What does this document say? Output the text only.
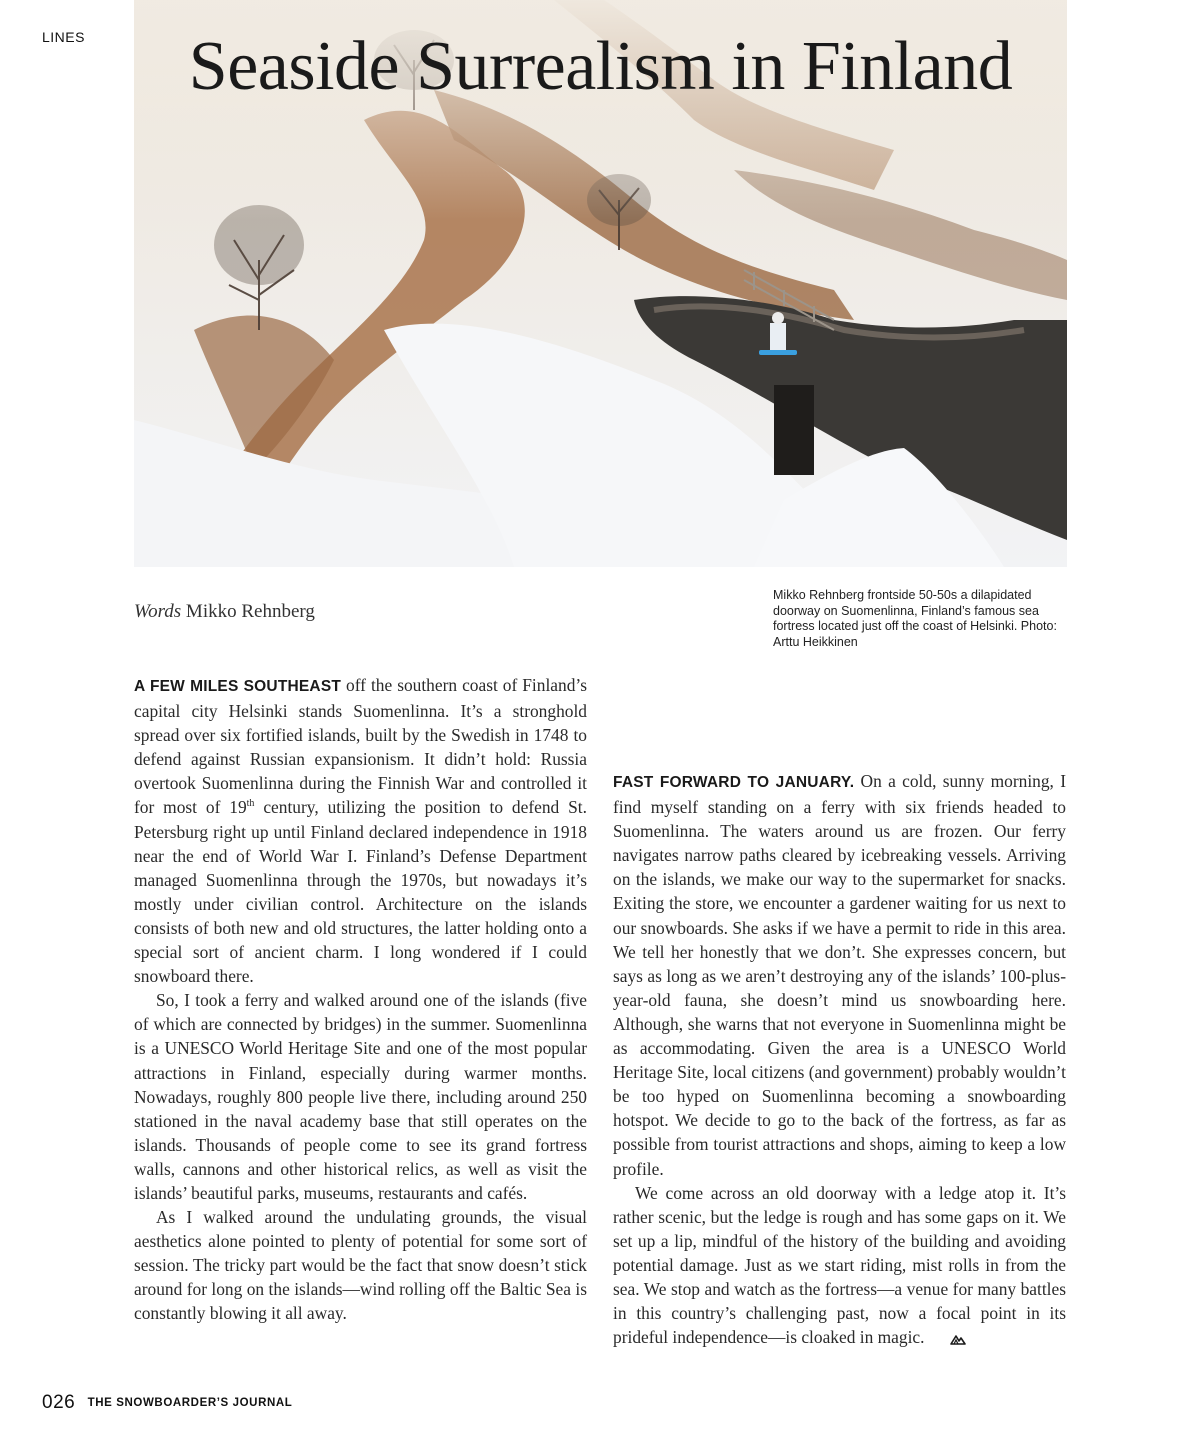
LINES	Seaside Surrealism in Finland
Words Mikko Rehnberg
Mikko Rehnberg frontside 50-50s a dilapidated doorway on Suomenlinna, Finland’s famous sea fortress located just off the coast of Helsinki. Photo: Arttu Heikkinen

A FEW MILES SOUTHEAST off the southern coast of Finland’s capital city Helsinki stands Suomenlinna. It’s a stronghold spread over six fortified islands, built by the Swedish in 1748 to defend against Russian expansionism. It didn’t hold: Russia overtook Suomenlinna during the Finnish War and controlled it for most of 19th century, utilizing the position to defend St. Petersburg right up until Finland declared independence in 1918 near the end of World War I. Finland’s Defense Department managed Suomenlinna through the 1970s, but nowadays it’s mostly under civilian control. Architecture on the islands consists of both new and old structures, the latter holding onto a special sort of ancient charm. I long wondered if I could snowboard there.

So, I took a ferry and walked around one of the islands (five of which are connected by bridges) in the summer. Suomenlinna is a UNESCO World Heritage Site and one of the most popular attractions in Finland, especially during warmer months. Nowadays, roughly 800 people live there, including around 250 stationed in the naval academy base that still operates on the islands. Thousands of people come to see its grand fortress walls, cannons and other historical relics, as well as visit the islands’ beautiful parks, museums, restaurants and cafés.

As I walked around the undulating grounds, the visual aesthetics alone pointed to plenty of potential for some sort of session. The tricky part would be the fact that snow doesn’t stick around for long on the islands—wind rolling off the Baltic Sea is constantly blowing it all away.

FAST FORWARD TO JANUARY. On a cold, sunny morning, I find myself standing on a ferry with six friends headed to Suomenlinna. The waters around us are frozen. Our ferry navigates narrow paths cleared by icebreaking vessels. Arriving on the islands, we make our way to the supermarket for snacks. Exiting the store, we encounter a gardener waiting for us next to our snowboards. She asks if we have a permit to ride in this area. We tell her honestly that we don’t. She expresses concern, but says as long as we aren’t destroying any of the islands’ 100-plus-year-old fauna, she doesn’t mind us snowboarding here. Although, she warns that not everyone in Suomenlinna might be as accommodating. Given the area is a UNESCO World Heritage Site, local citizens (and government) probably wouldn’t be too hyped on Suomenlinna becoming a snowboarding hotspot. We decide to go to the back of the fortress, as far as possible from tourist attractions and shops, aiming to keep a low profile.

We come across an old doorway with a ledge atop it. It’s rather scenic, but the ledge is rough and has some gaps on it. We set up a lip, mindful of the history of the building and avoiding potential damage. Just as we start riding, mist rolls in from the sea. We stop and watch as the fortress—a venue for many battles in this country’s challenging past, now a focal point in its prideful independence—is cloaked in magic.

026 THE SNOWBOARDER’S JOURNAL
